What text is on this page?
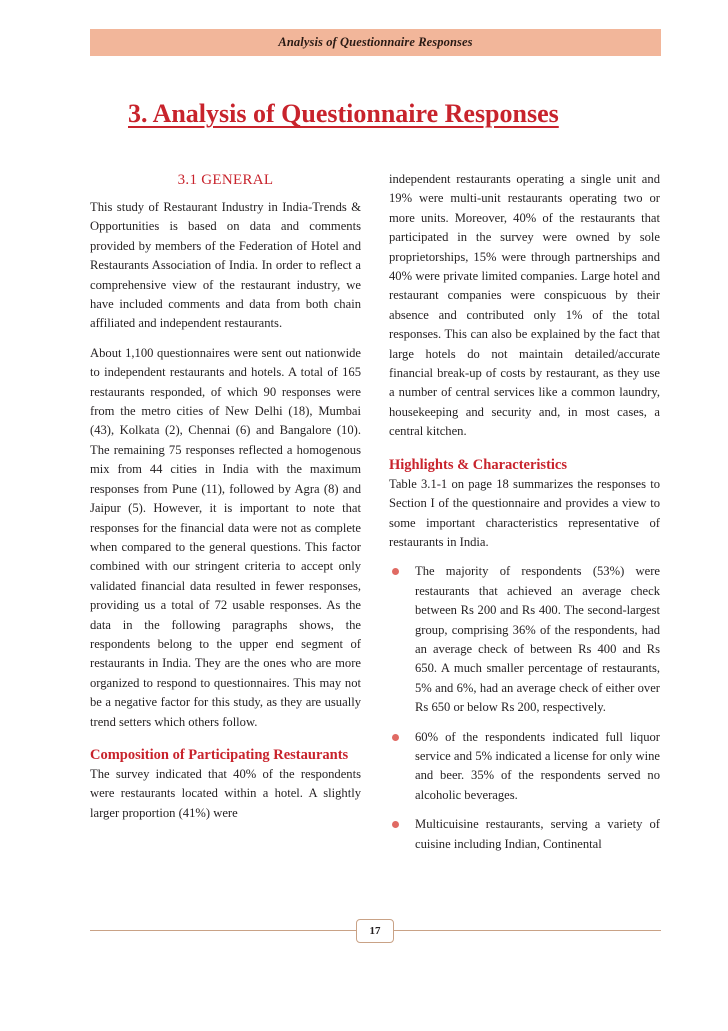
Analysis of Questionnaire Responses
3. Analysis of Questionnaire Responses
3.1 GENERAL

This study of Restaurant Industry in India-Trends & Opportunities is based on data and comments provided by members of the Federation of Hotel and Restaurants Association of India. In order to reflect a comprehensive view of the restaurant industry, we have included comments and data from both chain affiliated and independent restaurants.

About 1,100 questionnaires were sent out nationwide to independent restaurants and hotels. A total of 165 restaurants responded, of which 90 responses were from the metro cities of New Delhi (18), Mumbai (43), Kolkata (2), Chennai (6) and Bangalore (10). The remaining 75 responses reflected a homogenous mix from 44 cities in India with the maximum responses from Pune (11), followed by Agra (8) and Jaipur (5). However, it is important to note that responses for the financial data were not as complete when compared to the general questions. This factor combined with our stringent criteria to accept only validated financial data resulted in fewer responses, providing us a total of 72 usable responses. As the data in the following paragraphs shows, the respondents belong to the upper end segment of restaurants in India. They are the ones who are more organized to respond to questionnaires. This may not be a negative factor for this study, as they are usually trend setters which others follow.

Composition of Participating Restaurants

The survey indicated that 40% of the respondents were restaurants located within a hotel. A slightly larger proportion (41%) were

independent restaurants operating a single unit and 19% were multi-unit restaurants operating two or more units. Moreover, 40% of the restaurants that participated in the survey were owned by sole proprietorships, 15% were through partnerships and 40% were private limited companies. Large hotel and restaurant companies were conspicuous by their absence and contributed only 1% of the total responses. This can also be explained by the fact that large hotels do not maintain detailed/accurate financial break-up of costs by restaurant, as they use a number of central services like a common laundry, housekeeping and security and, in most cases, a central kitchen.

Highlights & Characteristics

Table 3.1-1 on page 18 summarizes the responses to Section I of the questionnaire and provides a view to some important characteristics representative of restaurants in India.

The majority of respondents (53%) were restaurants that achieved an average check between Rs 200 and Rs 400. The second-largest group, comprising 36% of the respondents, had an average check of between Rs 400 and Rs 650. A much smaller percentage of restaurants, 5% and 6%, had an average check of either over Rs 650 or below Rs 200, respectively.

60% of the respondents indicated full liquor service and 5% indicated a license for only wine and beer. 35% of the respondents served no alcoholic beverages.

Multicuisine restaurants, serving a variety of cuisine including Indian, Continental

17
